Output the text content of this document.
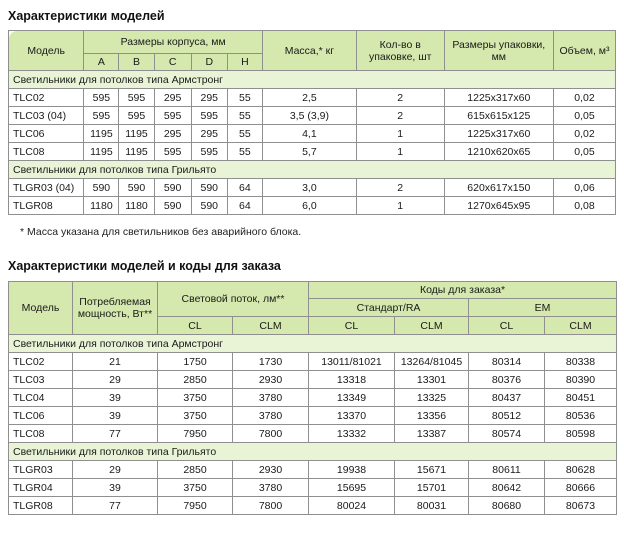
Характеристики моделей
Модель	Размеры корпуса, мм					Масса,* кг	Кол-во в упаковке, шт	Размеры упаковки, мм	Объем, м³
	A	B	C	D	H				
Светильники для потолков типа Армстронг									
TLC02	595	595	295	295	55	2,5	2	1225x317x60	0,02
TLC03 (04)	595	595	595	595	55	3,5 (3,9)	2	615x615x125	0,05
TLC06	1195	1195	295	295	55	4,1	1	1225x317x60	0,02
TLC08	1195	1195	595	595	55	5,7	1	1210x620x65	0,05
Светильники для потолков типа Грильято									
TLGR03 (04)	590	590	590	590	64	3,0	2	620x617x150	0,06
TLGR08	1180	1180	590	590	64	6,0	1	1270x645x95	0,08
* Масса указана для светильников без аварийного блока.
Характеристики моделей и коды для заказа
Модель	Потребляемая мощность, Вт**	Световой поток, лм**		Коды для заказа*			
				Стандарт/RA		EM	
		CL	CLM	CL	CLM	CL	CLM
Светильники для потолков типа Армстронг							
TLC02	21	1750	1730	13011/81021	13264/81045	80314	80338
TLC03	29	2850	2930	13318	13301	80376	80390
TLC04	39	3750	3780	13349	13325	80437	80451
TLC06	39	3750	3780	13370	13356	80512	80536
TLC08	77	7950	7800	13332	13387	80574	80598
Светильники для потолков типа Грильято							
TLGR03	29	2850	2930	19938	15671	80611	80628
TLGR04	39	3750	3780	15695	15701	80642	80666
TLGR08	77	7950	7800	80024	80031	80680	80673
